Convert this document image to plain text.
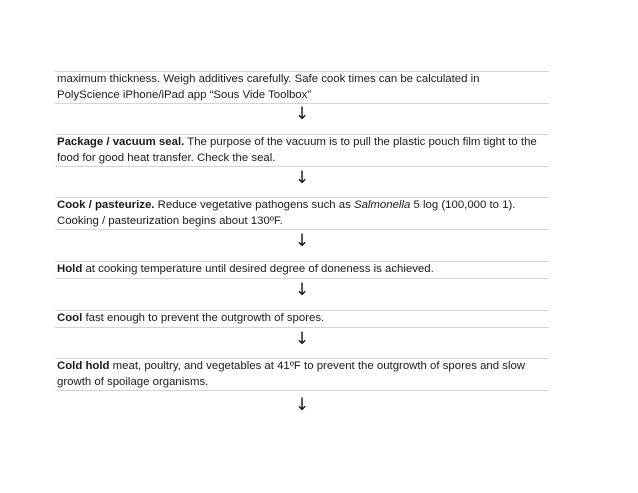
maximum thickness. Weigh additives carefully. Safe cook times can be calculated in PolyScience iPhone/iPad app “Sous Vide Toolbox”
↓
Package / vacuum seal. The purpose of the vacuum is to pull the plastic pouch film tight to the food for good heat transfer. Check the seal.
↓
Cook / pasteurize. Reduce vegetative pathogens such as Salmonella 5 log (100,000 to 1). Cooking / pasteurization begins about 130ºF.
↓
Hold at cooking temperature until desired degree of doneness is achieved.
↓
Cool fast enough to prevent the outgrowth of spores.
↓
Cold hold meat, poultry, and vegetables at 41ºF to prevent the outgrowth of spores and slow growth of spoilage organisms.
↓
